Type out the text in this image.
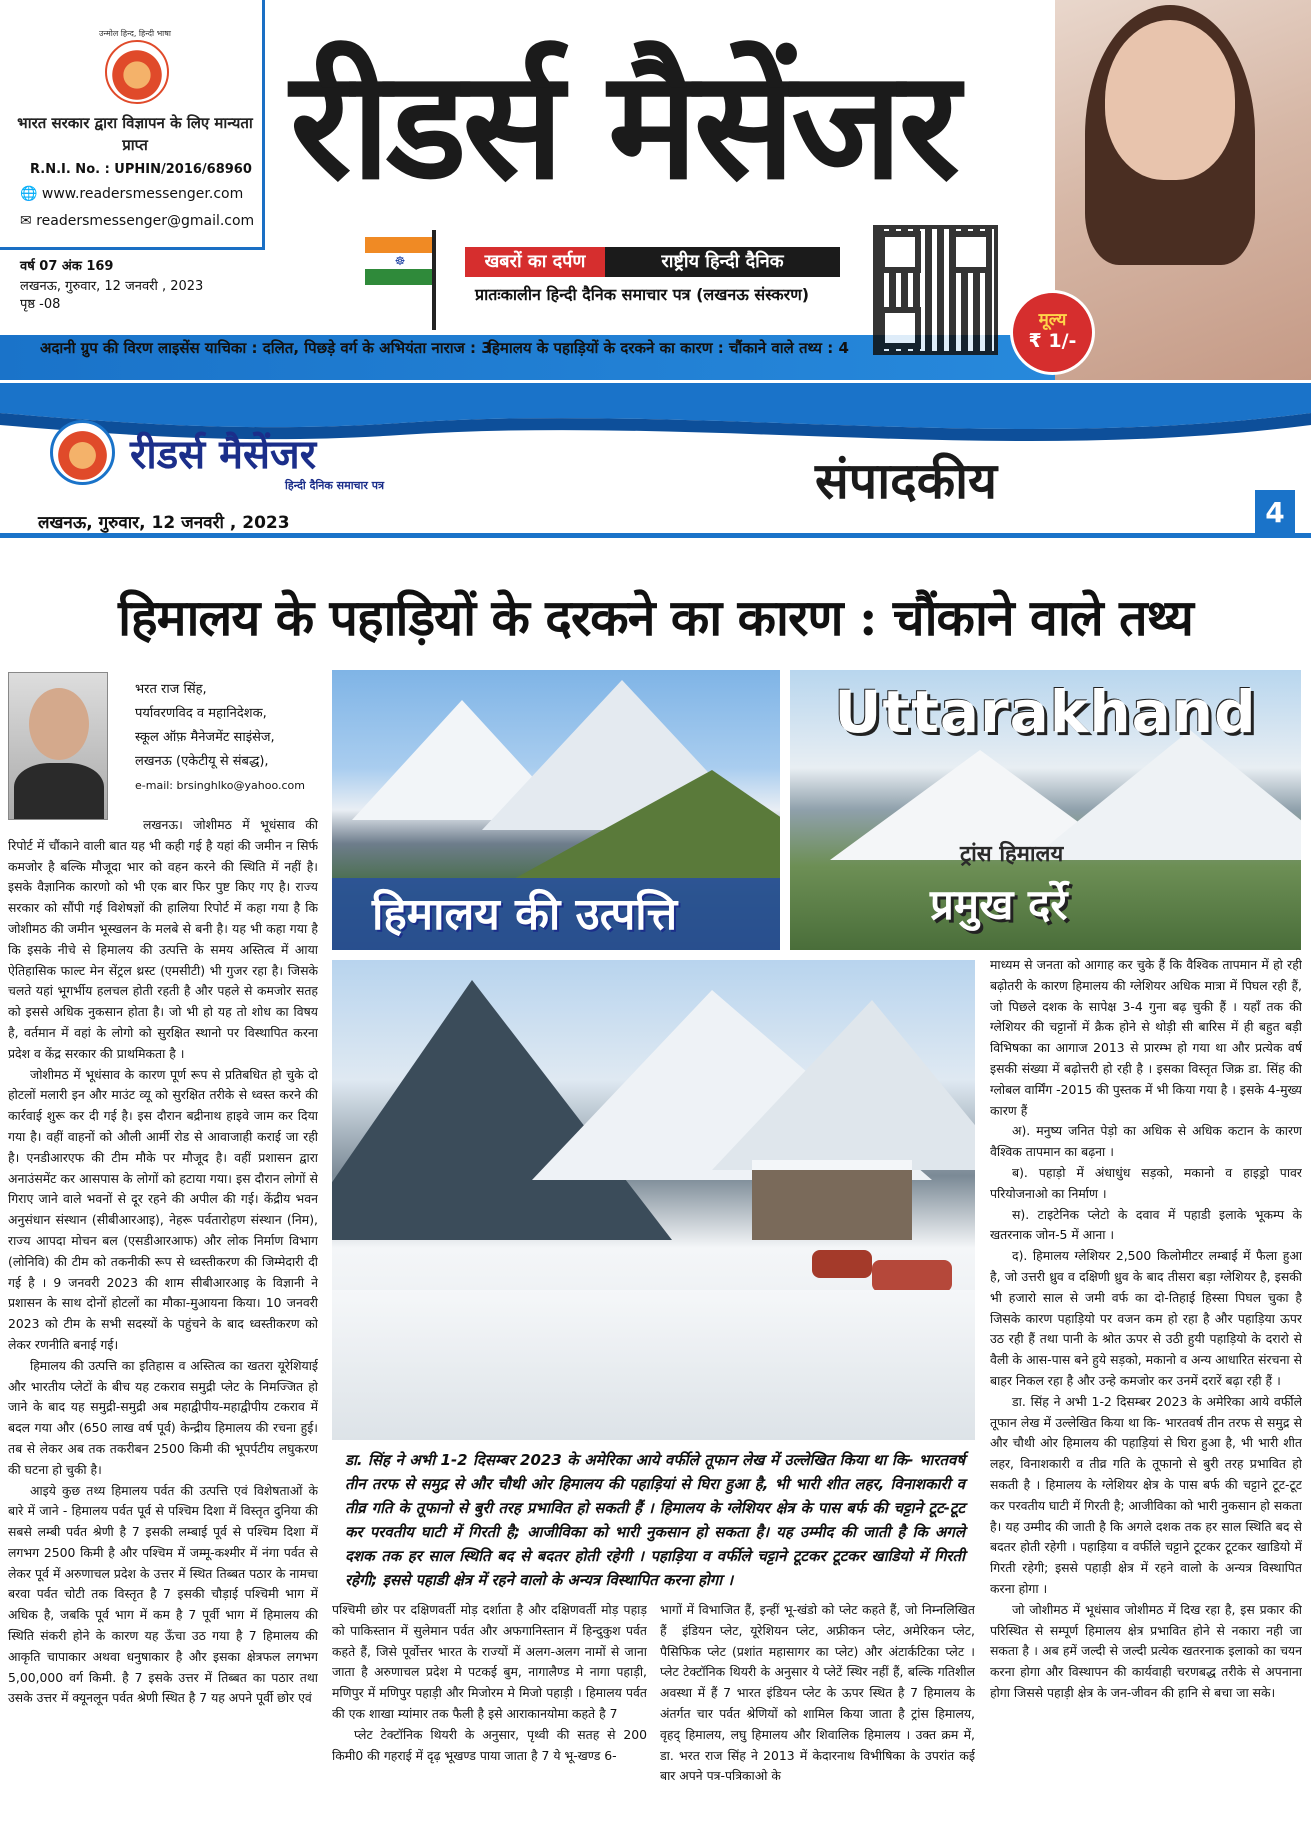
उन्मोल हिन्द, हिन्दी भाषा
भारत सरकार द्वारा विज्ञापन के लिए मान्यता प्राप्त
R.N.I. No. : UPHIN/2016/68960
🌐 www.readersmessenger.com
✉ readersmessenger@gmail.com
वर्ष 07 अंक 169
लखनऊ, गुरुवार, 12 जनवरी , 2023
पृष्ठ -08
रीडर्स मैसेंजर
☸	खबरों का दर्पण	राष्ट्रीय हिन्दी दैनिक
प्रातःकालीन हिन्दी दैनिक समाचार पत्र (लखनऊ संस्करण)
मूल्य
₹ 1/-
अदानी ग्रुप की विरण लाइसेंस याचिका : दलित, पिछड़े वर्ग के अभियंता नाराज : 3
हिमालय के पहाड़ियों के दरकने का कारण : चौंकाने वाले तथ्य : 4
रीडर्स मैसेंजर
हिन्दी दैनिक समाचार पत्र
लखनऊ, गुरुवार, 12 जनवरी , 2023
संपादकीय
4
हिमालय के पहाड़ियों के दरकने का कारण : चौंकाने वाले तथ्य
भरत राज सिंह,
पर्यावरणविद व महानिदेशक,
स्कूल ऑफ़ मैनेजमेंट साइंसेज,
लखनऊ (एकेटीयू से संबद्ध),
e-mail: brsinghlko@yahoo.com

लखनऊ। जोशीमठ में भूधंसाव की रिपोर्ट में चौंकाने वाली बात यह भी कही गई है यहां की जमीन न सिर्फ कमजोर है बल्कि मौजूदा भार को वहन करने की स्थिति में नहीं है। इसके वैज्ञानिक कारणो को भी एक बार फिर पुष्ट किए गए है। राज्य सरकार को सौंपी गई विशेषज्ञों की हालिया रिपोर्ट में कहा गया है कि जोशीमठ की जमीन भूस्खलन के मलबे से बनी है। यह भी कहा गया है कि इसके नीचे से हिमालय की उत्पत्ति के समय अस्तित्व में आया ऐतिहासिक फाल्ट मेन सेंट्रल थ्रस्ट (एमसीटी) भी गुजर रहा है। जिसके चलते यहां भूगर्भीय हलचल होती रहती है और पहले से कमजोर सतह को इससे अधिक नुकसान होता है। जो भी हो यह तो शोध का विषय है, वर्तमान में वहां के लोगो को सुरक्षित स्थानो पर विस्थापित करना प्रदेश व केंद्र सरकार की प्राथमिकता है ।

जोशीमठ में भूधंसाव के कारण पूर्ण रूप से प्रतिबधित हो चुके दो होटलों मलारी इन और माउंट व्यू को सुरक्षित तरीके से ध्वस्त करने की कार्रवाई शुरू कर दी गई है। इस दौरान बद्रीनाथ हाइवे जाम कर दिया गया है। वहीं वाहनों को औली आर्मी रोड से आवाजाही कराई जा रही है। एनडीआरएफ की टीम मौके पर मौजूद है। वहीं प्रशासन द्वारा अनाउंसमेंट कर आसपास के लोगों को हटाया गया। इस दौरान लोगों से गिराए जाने वाले भवनों से दूर रहने की अपील की गई। केंद्रीय भवन अनुसंधान संस्थान (सीबीआरआइ), नेहरू पर्वतारोहण संस्थान (निम), राज्य आपदा मोचन बल (एसडीआरआफ) और लोक निर्माण विभाग (लोनिवि) की टीम को तकनीकी रूप से ध्वस्तीकरण की जिम्मेदारी दी गई है । 9 जनवरी 2023 की शाम सीबीआरआइ के विज्ञानी ने प्रशासन के साथ दोनों होटलों का मौका-मुआयना किया। 10 जनवरी 2023 को टीम के सभी सदस्यों के पहुंचने के बाद ध्वस्तीकरण को लेकर रणनीति बनाई गई।

हिमालय की उत्पत्ति का इतिहास व अस्तित्व का खतरा यूरेशियाई और भारतीय प्लेटों के बीच यह टकराव समुद्री प्लेट के निमज्जित हो जाने के बाद यह समुद्री-समुद्री अब महाद्वीपीय-महाद्वीपीय टकराव में बदल गया और (650 लाख वर्ष पूर्व) केन्द्रीय हिमालय की रचना हुई। तब से लेकर अब तक तकरीबन 2500 किमी की भूपर्पटीय लघुकरण की घटना हो चुकी है।

आइये कुछ तथ्य हिमालय पर्वत की उत्पत्ति एवं विशेषताओं के बारे में जाने - हिमालय पर्वत पूर्व से पश्चिम दिशा में विस्तृत दुनिया की सबसे लम्बी पर्वत श्रेणी है 7 इसकी लम्बाई पूर्व से पश्चिम दिशा में लगभग 2500 किमी है और पश्चिम में जम्मू-कश्मीर में नंगा पर्वत से लेकर पूर्व में अरुणाचल प्रदेश के उत्तर में स्थित तिब्बत पठार के नामचा बरवा पर्वत चोटी तक विस्तृत है 7 इसकी चौड़ाई पश्चिमी भाग में अधिक है, जबकि पूर्व भाग में कम है 7 पूर्वी भाग में हिमालय की स्थिति संकरी होने के कारण यह ऊँचा उठ गया है 7 हिमालय की आकृति चापाकार अथवा धनुषाकार है और इसका क्षेत्रफल लगभग 5,00,000 वर्ग किमी. है 7 इसके उत्तर में तिब्बत का पठार तथा उसके उत्तर में क्यूनलून पर्वत श्रेणी स्थित है 7 यह अपने पूर्वी छोर एवं

हिमालय की उत्पत्ति
Uttarakhand
ट्रांस हिमालय
प्रमुख दर्रे
डा. सिंह ने अभी 1-2 दिसम्बर 2023 के अमेरिका आये वर्फीले तूफान लेख में उल्लेखित किया था कि- भारतवर्ष तीन तरफ से समुद्र से और चौथी ओर हिमालय की पहाड़ियां से घिरा हुआ है, भी भारी शीत लहर, विनाशकारी व तीव्र गति के तूफानो से बुरी तरह प्रभावित हो सकती हैं । हिमालय के ग्लेशियर क्षेत्र के पास बर्फ की चट्टाने टूट-टूट कर परवतीय घाटी में गिरती है; आजीविका को भारी नुकसान हो सकता है। यह उम्मीद की जाती है कि अगले दशक तक हर साल स्थिति बद से बदतर होती रहेगी । पहाड़िया व वर्फीले चट्टाने टूटकर टूटकर खाडियो में गिरती रहेगी; इससे पहाडी क्षेत्र में रहने वालो के अन्यत्र विस्थापित करना होगा ।

पश्चिमी छोर पर दक्षिणवर्ती मोड़ दर्शाता है और दक्षिणवर्ती मोड़ पहाड़ को पाकिस्तान में सुलेमान पर्वत और अफगानिस्तान में हिन्दुकुश पर्वत कहते हैं, जिसे पूर्वोत्तर भारत के राज्यों में अलग-अलग नामों से जाना जाता है‌ अरुणाचल प्रदेश मे पटकई बुम, नागालैण्ड मे नागा पहाड़ी, मणिपुर में मणिपुर पहाड़ी और मिजोरम मे मिजो पहाड़ी । हिमालय पर्वत की एक शाखा म्यांमार तक फैली है इसे आराकानयोमा कहते है 7

प्लेट टेक्टॉनिक थियरी के अनुसार, पृथ्वी की सतह से 200 किमी0 की गहराई में दृढ़ भूखण्ड पाया जाता है 7 ये भू-खण्ड 6-

भागों में विभाजित हैं, इन्हीं भू-खंडो को प्लेट कहते हैं, जो निम्नलिखित हैं ‌ इंडियन प्लेट, यूरेशियन प्लेट, अफ्रीकन प्लेट, अमेरिकन प्लेट, पैसिफिक प्लेट (प्रशांत महासागर का प्लेट) और अंटार्कटिका प्लेट । प्लेट टेक्टॉनिक थियरी के अनुसार ये प्लेटें स्थिर नहीं हैं, बल्कि गतिशील अवस्था में हैं 7 भारत इंडियन प्लेट के ऊपर स्थित है 7 हिमालय के अंतर्गत चार पर्वत श्रेणियों को शामिल किया जाता है‌ ट्रांस हिमालय, वृहद् हिमालय, लघु हिमालय और शिवालिक हिमालय । उक्त क्रम में, डा. भरत राज सिंह ने 2013 में केदारनाथ विभीषिका के उपरांत कई बार अपने पत्र-पत्रिकाओ के

माध्यम से जनता को आगाह कर चुके हैं कि वैश्विक तापमान में हो रही बढ़ोतरी के कारण हिमालय की ग्लेशियर अधिक मात्रा में पिघल रही हैं, जो पिछले दशक के सापेक्ष 3-4 गुना बढ़ चुकी हैं । यहाँ तक की ग्लेशियर की चट्टानों में क्रैक होने से थोड़ी सी बारिस में ही बहुत बड़ी विभिषका का आगाज 2013 से प्रारम्भ हो गया था और प्रत्येक वर्ष इसकी संख्या में बढ़ोत्तरी हो रही है । इसका विस्तृत जिक्र डा. सिंह की ग्लोबल वार्मिंग -2015 की पुस्तक में भी किया गया है । इसके 4-मुख्य कारण हैं ‌

अ). मनुष्य जनित पेड़ो का अधिक से अधिक कटान के कारण वैश्विक तापमान का बढ़ना ।

ब). पहाड़ो में अंधाधुंध सड़को, मकानो व हाइड्रो पावर परियोजनाओ का निर्माण ।

स). टाइटेनिक प्लेटो के दवाव में पहाडी इलाके भूकम्प के खतरनाक जोन-5 में आना ।

द). हिमालय ग्लेशियर 2,500 किलोमीटर लम्बाई में फैला हुआ है, जो उत्तरी ध्रुव व दक्षिणी ध्रुव के बाद तीसरा बड़ा ग्लेशियर है, इसकी भी हजारो साल से जमी वर्फ का दो-तिहाई हिस्सा पिघल चुका है जिसके कारण पहाड़ियो पर वजन कम हो रहा है और पहाड़िया ऊपर उठ रही हैं तथा पानी के श्रोत ऊपर से उठी हुयी पहाड़ियो के दरारो से वैली के आस-पास बने हुये सड़को, मकानो व अन्य आधारित संरचना से बाहर निकल रहा है और उन्हे कमजोर कर उनमें दरारें बढ़ा रही हैं ।

डा. सिंह ने अभी 1-2 दिसम्बर 2023 के अमेरिका आये वर्फीले तूफान लेख में उल्लेखित किया था कि- भारतवर्ष तीन तरफ से समुद्र से और चौथी ओर हिमालय की पहाड़ियां से घिरा हुआ है, भी भारी शीत लहर, विनाशकारी व तीव्र गति के तूफानो से बुरी तरह प्रभावित हो सकती है । हिमालय के ग्लेशियर क्षेत्र के पास बर्फ की चट्टाने टूट-टूट कर परवतीय घाटी में गिरती है; आजीविका को भारी नुकसान हो सकता है। यह उम्मीद की जाती है कि अगले दशक तक हर साल स्थिति बद से बदतर होती रहेगी । पहाड़िया व वर्फीले चट्टाने टूटकर टूटकर खाडियो में गिरती रहेगी; इससे पहाड़ी क्षेत्र में रहने वालो के अन्यत्र विस्थापित करना होगा ।

जो जोशीमठ में भूधंसाव जोशीमठ में दिख रहा है, इस प्रकार की परिस्थित से सम्पूर्ण हिमालय क्षेत्र प्रभावित होने से नकारा नही जा सकता है । अब हमें जल्दी से जल्दी प्रत्येक खतरनाक इलाको का चयन करना होगा और विस्थापन की कार्यवाही चरणबद्ध तरीके से अपनाना होगा जिससे पहाड़ी क्षेत्र के जन-जीवन की हानि से बचा जा सके।
